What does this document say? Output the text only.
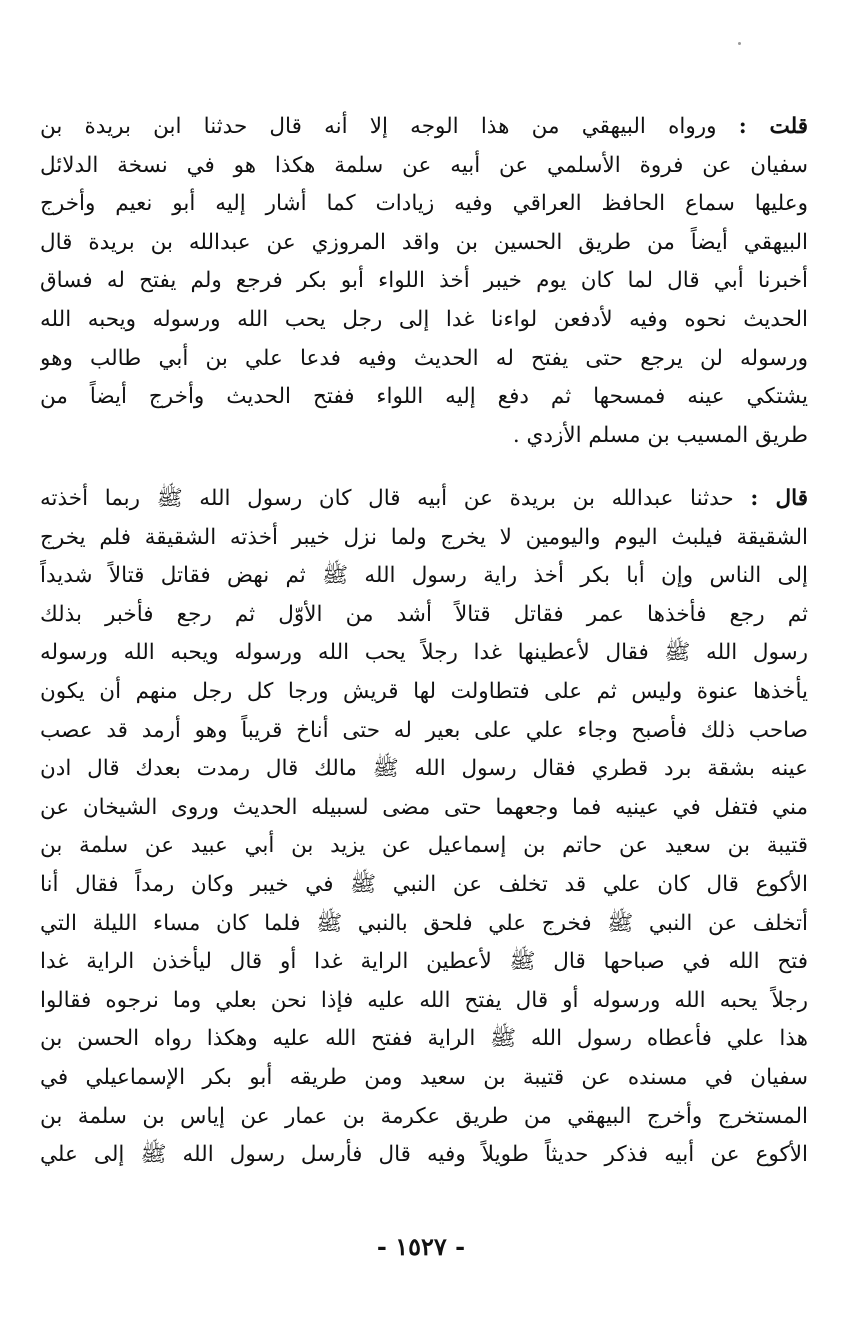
قلت : ورواه البيهقي من هذا الوجه إلا أنه قال حدثنا ابن بريدة بن
سفيان عن فروة الأسلمي عن أبيه عن سلمة هكذا هو في نسخة الدلائل
وعليها سماع الحافظ العراقي وفيه زيادات كما أشار إليه أبو نعيم وأخرج
البيهقي أيضاً من طريق الحسين بن واقد المروزي عن عبدالله بن بريدة قال
أخبرنا أبي قال لما كان يوم خيبر أخذ اللواء أبو بكر فرجع ولم يفتح له فساق
الحديث نحوه وفيه لأدفعن لواءنا غدا إلى رجل يحب الله ورسوله ويحبه الله
ورسوله لن يرجع حتى يفتح له الحديث وفيه فدعا علي بن أبي طالب وهو
يشتكي عينه فمسحها ثم دفع إليه اللواء ففتح الحديث وأخرج أيضاً من
طريق المسيب بن مسلم الأزدي .
قال : حدثنا عبدالله بن بريدة عن أبيه قال كان رسول الله ﷺ ربما أخذته
الشقيقة فيلبث اليوم واليومين لا يخرج ولما نزل خيبر أخذته الشقيقة فلم يخرج
إلى الناس وإن أبا بكر أخذ راية رسول الله ﷺ ثم نهض فقاتل قتالاً شديداً
ثم رجع فأخذها عمر فقاتل قتالاً أشد من الأوّل ثم رجع فأخبر بذلك
رسول الله ﷺ فقال لأعطينها غدا رجلاً يحب الله ورسوله ويحبه الله ورسوله
يأخذها عنوة وليس ثم على فتطاولت لها قريش ورجا كل رجل منهم أن يكون
صاحب ذلك فأصبح وجاء علي على بعير له حتى أناخ قريباً وهو أرمد قد عصب
عينه بشقة برد قطري فقال رسول الله ﷺ مالك قال رمدت بعدك قال ادن
مني فتفل في عينيه فما وجعهما حتى مضى لسبيله الحديث وروى الشيخان عن
قتيبة بن سعيد عن حاتم بن إسماعيل عن يزيد بن أبي عبيد عن سلمة بن
الأكوع قال كان علي قد تخلف عن النبي ﷺ في خيبر وكان رمداً فقال أنا
أتخلف عن النبي ﷺ فخرج علي فلحق بالنبي ﷺ فلما كان مساء الليلة التي
فتح الله في صباحها قال ﷺ لأعطين الراية غدا أو قال ليأخذن الراية غدا
رجلاً يحبه الله ورسوله أو قال يفتح الله عليه فإذا نحن بعلي وما نرجوه فقالوا
هذا علي فأعطاه رسول الله ﷺ الراية ففتح الله عليه وهكذا رواه الحسن بن
سفيان في مسنده عن قتيبة بن سعيد ومن طريقه أبو بكر الإسماعيلي في
المستخرج وأخرج البيهقي من طريق عكرمة بن عمار عن إياس بن سلمة بن
الأكوع عن أبيه فذكر حديثاً طويلاً وفيه قال فأرسل رسول الله ﷺ إلى علي
- ١٥٢٧ -
